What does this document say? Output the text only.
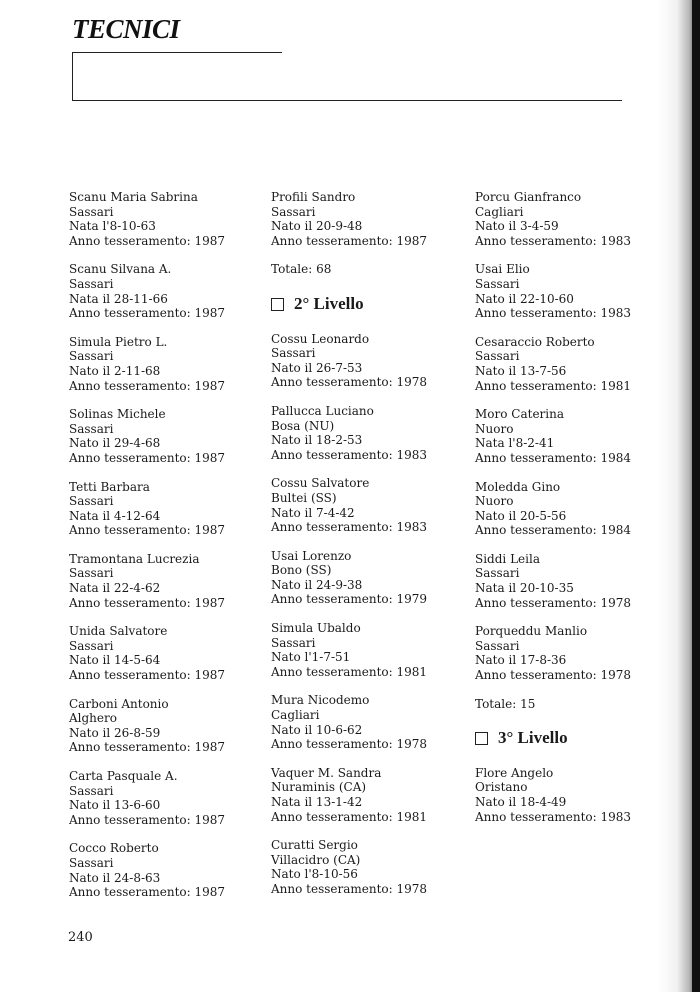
TECNICI
Scanu Maria Sabrina
Sassari
Nata l'8-10-63
Anno tesseramento: 1987
Scanu Silvana A.
Sassari
Nata il 28-11-66
Anno tesseramento: 1987
Simula Pietro L.
Sassari
Nato il 2-11-68
Anno tesseramento: 1987
Solinas Michele
Sassari
Nato il 29-4-68
Anno tesseramento: 1987
Tetti Barbara
Sassari
Nata il 4-12-64
Anno tesseramento: 1987
Tramontana Lucrezia
Sassari
Nata il 22-4-62
Anno tesseramento: 1987
Unida Salvatore
Sassari
Nato il 14-5-64
Anno tesseramento: 1987
Carboni Antonio
Alghero
Nato il 26-8-59
Anno tesseramento: 1987
Carta Pasquale A.
Sassari
Nato il 13-6-60
Anno tesseramento: 1987
Cocco Roberto
Sassari
Nato il 24-8-63
Anno tesseramento: 1987
Profili Sandro
Sassari
Nato il 20-9-48
Anno tesseramento: 1987
Totale: 68
2° Livello
Cossu Leonardo
Sassari
Nato il 26-7-53
Anno tesseramento: 1978
Pallucca Luciano
Bosa (NU)
Nato il 18-2-53
Anno tesseramento: 1983
Cossu Salvatore
Bultei (SS)
Nato il 7-4-42
Anno tesseramento: 1983
Usai Lorenzo
Bono (SS)
Nato il 24-9-38
Anno tesseramento: 1979
Simula Ubaldo
Sassari
Nato l'1-7-51
Anno tesseramento: 1981
Mura Nicodemo
Cagliari
Nato il 10-6-62
Anno tesseramento: 1978
Vaquer M. Sandra
Nuraminis (CA)
Nata il 13-1-42
Anno tesseramento: 1981
Curatti Sergio
Villacidro (CA)
Nato l'8-10-56
Anno tesseramento: 1978
Porcu Gianfranco
Cagliari
Nato il 3-4-59
Anno tesseramento: 1983
Usai Elio
Sassari
Nato il 22-10-60
Anno tesseramento: 1983
Cesaraccio Roberto
Sassari
Nato il 13-7-56
Anno tesseramento: 1981
Moro Caterina
Nuoro
Nata l'8-2-41
Anno tesseramento: 1984
Moledda Gino
Nuoro
Nato il 20-5-56
Anno tesseramento: 1984
Siddi Leila
Sassari
Nata il 20-10-35
Anno tesseramento: 1978
Porqueddu Manlio
Sassari
Nato il 17-8-36
Anno tesseramento: 1978
Totale: 15
3° Livello
Flore Angelo
Oristano
Nato il 18-4-49
Anno tesseramento: 1983
240
